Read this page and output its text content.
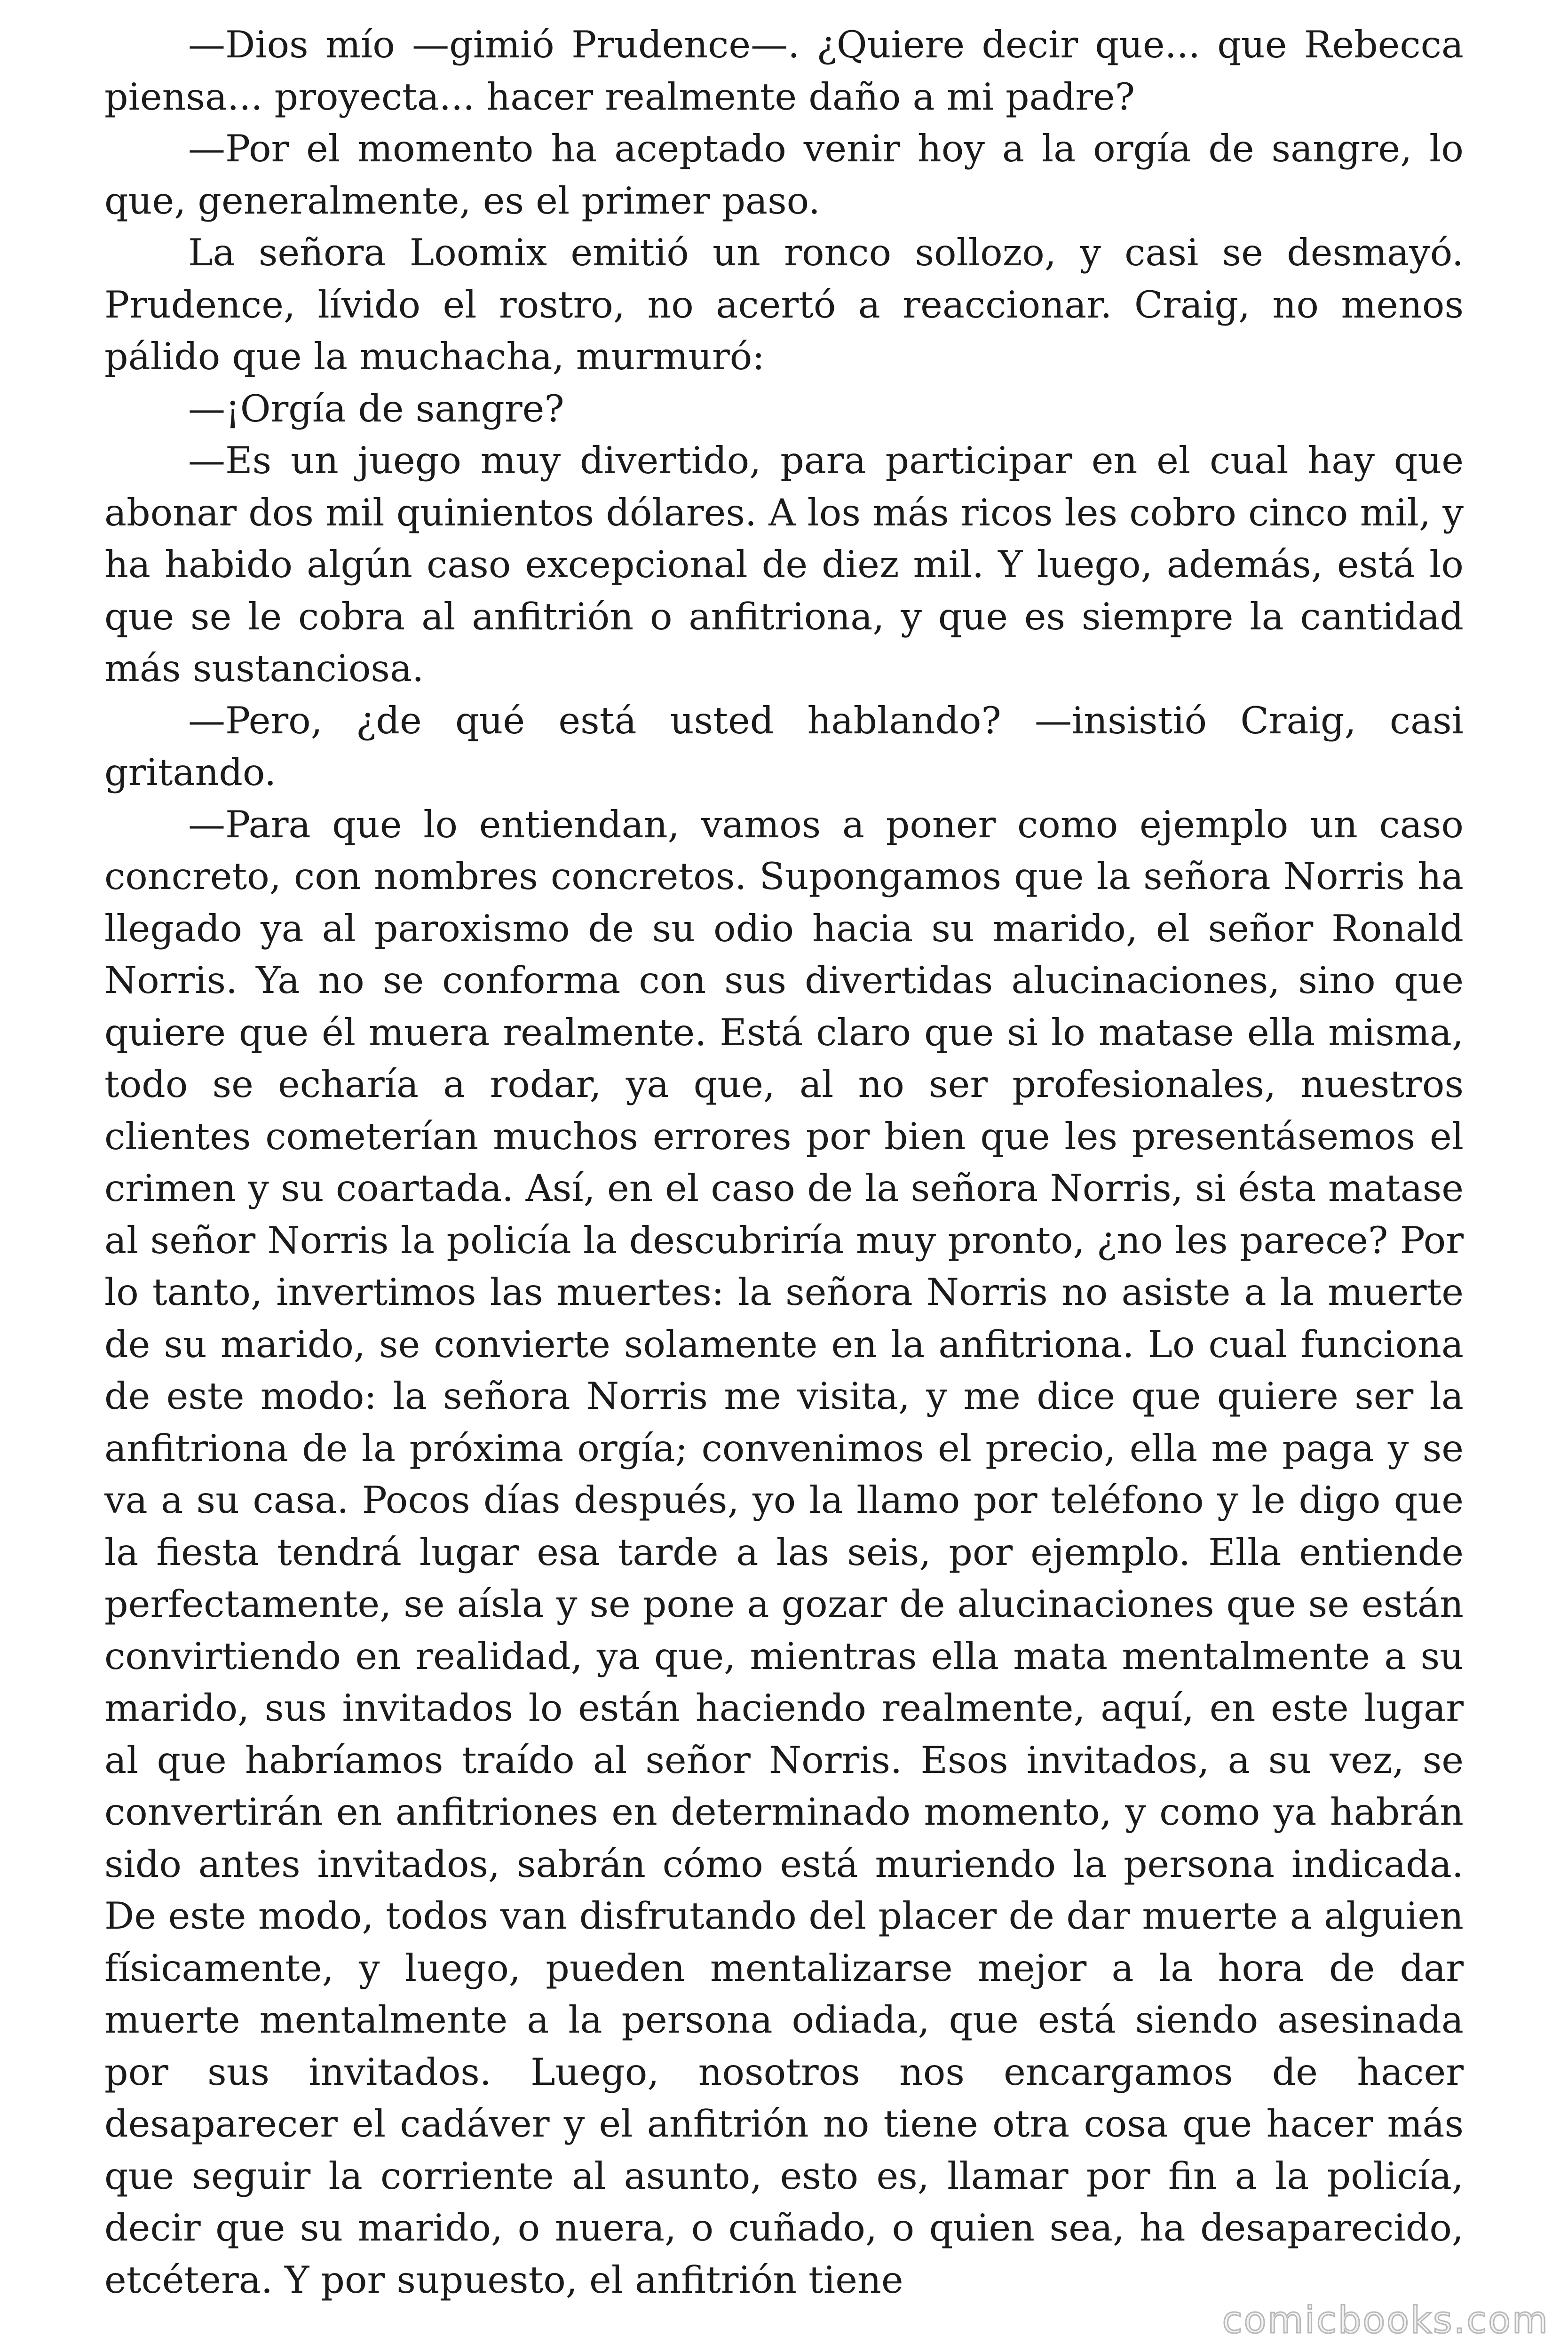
—Dios mío —gimió Prudence—. ¿Quiere decir que... que Rebecca piensa... proyecta... hacer realmente daño a mi padre?

—Por el momento ha aceptado venir hoy a la orgía de sangre, lo que, generalmente, es el primer paso.

La señora Loomix emitió un ronco sollozo, y casi se desmayó. Prudence, lívido el rostro, no acertó a reaccionar. Craig, no menos pálido que la muchacha, murmuró:

—¡Orgía de sangre?

—Es un juego muy divertido, para participar en el cual hay que abonar dos mil quinientos dólares. A los más ricos les cobro cinco mil, y ha habido algún caso excepcional de diez mil. Y luego, además, está lo que se le cobra al anfitrión o anfitriona, y que es siempre la cantidad más sustanciosa.

—Pero, ¿de qué está usted hablando? —insistió Craig, casi gritando.

—Para que lo entiendan, vamos a poner como ejemplo un caso concreto, con nombres concretos. Supongamos que la señora Norris ha llegado ya al paroxismo de su odio hacia su marido, el señor Ronald Norris. Ya no se conforma con sus divertidas alucinaciones, sino que quiere que él muera realmente. Está claro que si lo matase ella misma, todo se echaría a rodar, ya que, al no ser profesionales, nuestros clientes cometerían muchos errores por bien que les presentásemos el crimen y su coartada. Así, en el caso de la señora Norris, si ésta matase al señor Norris la policía la descubriría muy pronto, ¿no les parece? Por lo tanto, invertimos las muertes: la señora Norris no asiste a la muerte de su marido, se convierte solamente en la anfitriona. Lo cual funciona de este modo: la señora Norris me visita, y me dice que quiere ser la anfitriona de la próxima orgía; convenimos el precio, ella me paga y se va a su casa. Pocos días después, yo la llamo por teléfono y le digo que la fiesta tendrá lugar esa tarde a las seis, por ejemplo. Ella entiende perfectamente, se aísla y se pone a gozar de alucinaciones que se están convirtiendo en realidad, ya que, mientras ella mata mentalmente a su marido, sus invitados lo están haciendo realmente, aquí, en este lugar al que habríamos traído al señor Norris. Esos invitados, a su vez, se convertirán en anfitriones en determinado momento, y como ya habrán sido antes invitados, sabrán cómo está muriendo la persona indicada. De este modo, todos van disfrutando del placer de dar muerte a alguien físicamente, y luego, pueden mentalizarse mejor a la hora de dar muerte mentalmente a la persona odiada, que está siendo asesinada por sus invitados. Luego, nosotros nos encargamos de hacer desaparecer el cadáver y el anfitrión no tiene otra cosa que hacer más que seguir la corriente al asunto, esto es, llamar por fin a la policía, decir que su marido, o nuera, o cuñado, o quien sea, ha desaparecido, etcétera. Y por supuesto, el anfitrión tiene

comicbooks.com
